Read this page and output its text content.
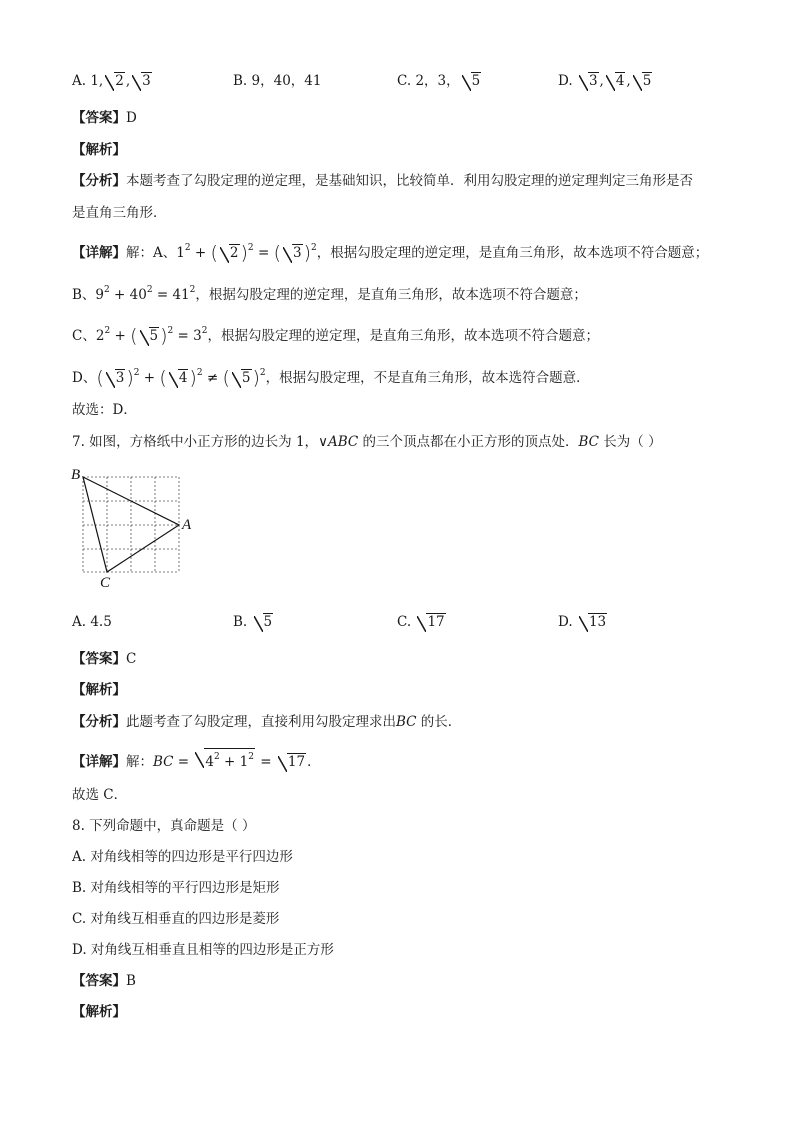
A. 1, 2 , 3	B. 9，40，41	C. 2，3， 5	D. 3 , 4 , 5
【答案】D
【解析】
【分析】本题考查了勾股定理的逆定理，是基础知识，比较简单．利用勾股定理的逆定理判定三角形是否
是直角三角形．
【详解】解：A、$1^2$ + ( 2 )$^2$ = ( 3 )$^2$，根据勾股定理的逆定理，是直角三角形，故本选项不符合题意；
B、$9^2 + 40^2 = 41^2$，根据勾股定理的逆定理，是直角三角形，故本选项不符合题意；
C、$2^2$ + ( 5 )$^2 = 3^2$，根据勾股定理的逆定理，是直角三角形，故本选项不符合题意；
D、( 3 )$^2$ + ( 4 )$^2$ ≠ ( 5 )$^2$，根据勾股定理，不是直角三角形，故本选符合题意．
故选：D．
7. 如图，方格纸中小正方形的边长为 1，∨ABC 的三个顶点都在小正方形的顶点处．BC 长为（ ）
B
A
C
A. 4.5	B. 5	C. 17	D. 13
【答案】C
【解析】
【分析】此题考查了勾股定理，直接利用勾股定理求出BC 的长．
【详解】解：BC = $4^2 + 1^2 = 17$ ．
故选 C．
8. 下列命题中，真命题是（ ）
A. 对角线相等的四边形是平行四边形
B. 对角线相等的平行四边形是矩形
C. 对角线互相垂直的四边形是菱形
D. 对角线互相垂直且相等的四边形是正方形
【答案】B
【解析】
